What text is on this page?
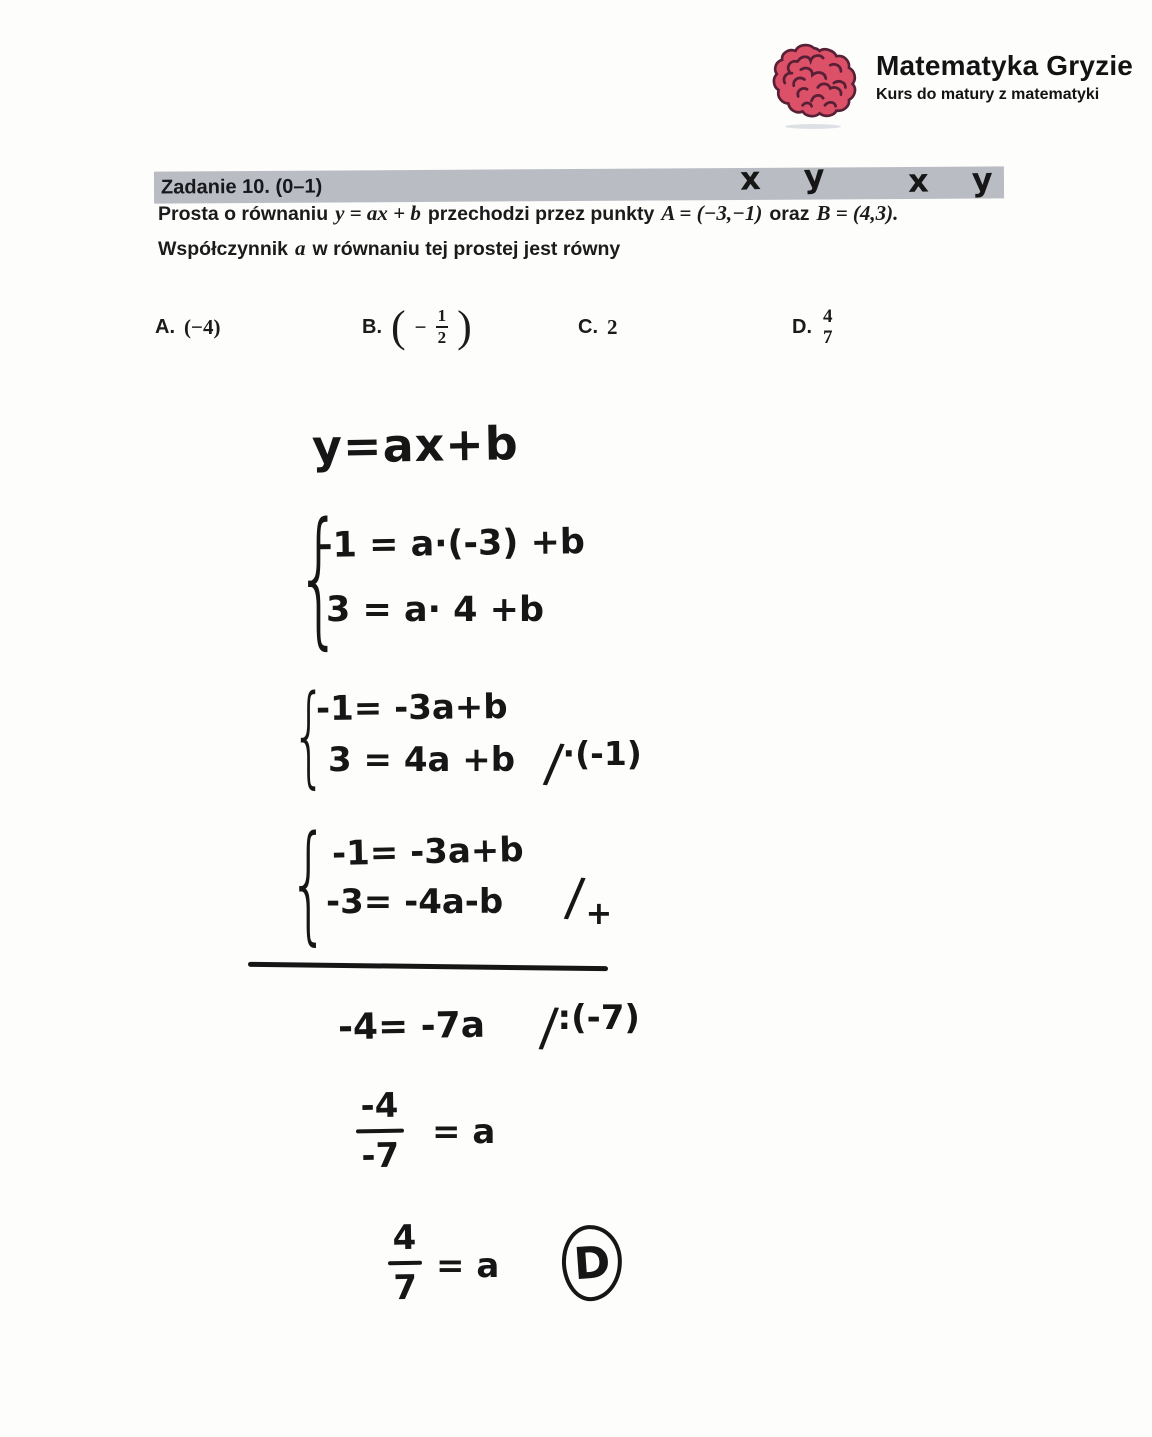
Matematyka Gryzie
Kurs do matury z matematyki
Zadanie 10. (0–1)	x y x y
Prosta o równaniu y = ax + b przechodzi przez punkty A = (−3,−1) oraz B = (4,3).
Współczynnik a w równaniu tej prostej jest równy
A. (−4)	B. ( − $\frac{1}{2}$ )	C. 2	D. 4
7
y=ax+b
{
-1 = a·(-3) +b
3 = a· 4 +b
{
-1= -3a+b
3 = 4a +b /·(-1)
{ -1= -3a+b
-3= -4a-b /+
-4= -7a /:(-7)
-4
-7
= a
4
7
= a D
